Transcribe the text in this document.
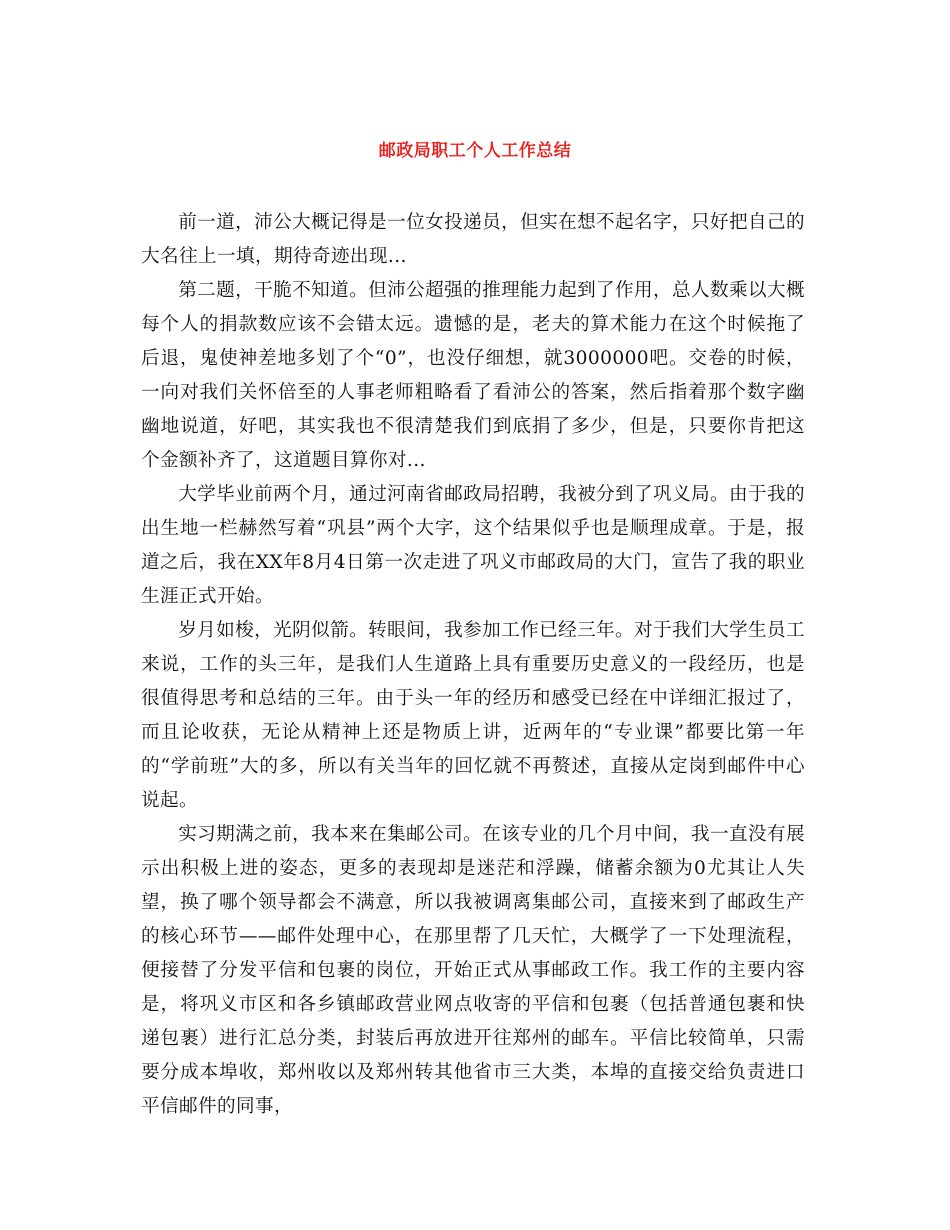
邮政局职工个人工作总结

前一道，沛公大概记得是一位女投递员，但实在想不起名字，只好把自己的大名往上一填，期待奇迹出现...

第二题，干脆不知道。但沛公超强的推理能力起到了作用，总人数乘以大概每个人的捐款数应该不会错太远。遗憾的是，老夫的算术能力在这个时候拖了后退，鬼使神差地多划了个“0”，也没仔细想，就3000000吧。交卷的时候，一向对我们关怀倍至的人事老师粗略看了看沛公的答案，然后指着那个数字幽幽地说道，好吧，其实我也不很清楚我们到底捐了多少，但是，只要你肯把这个金额补齐了，这道题目算你对...

大学毕业前两个月，通过河南省邮政局招聘，我被分到了巩义局。由于我的出生地一栏赫然写着“巩县”两个大字，这个结果似乎也是顺理成章。于是，报道之后，我在XX年8月4日第一次走进了巩义市邮政局的大门，宣告了我的职业生涯正式开始。

岁月如梭，光阴似箭。转眼间，我参加工作已经三年。对于我们大学生员工来说，工作的头三年，是我们人生道路上具有重要历史意义的一段经历，也是很值得思考和总结的三年。由于头一年的经历和感受已经在中详细汇报过了，而且论收获，无论从精神上还是物质上讲，近两年的“专业课”都要比第一年的“学前班”大的多，所以有关当年的回忆就不再赘述，直接从定岗到邮件中心说起。

实习期满之前，我本来在集邮公司。在该专业的几个月中间，我一直没有展示出积极上进的姿态，更多的表现却是迷茫和浮躁，储蓄余额为0尤其让人失望，换了哪个领导都会不满意，所以我被调离集邮公司，直接来到了邮政生产的核心环节——邮件处理中心，在那里帮了几天忙，大概学了一下处理流程，便接替了分发平信和包裹的岗位，开始正式从事邮政工作。我工作的主要内容是，将巩义市区和各乡镇邮政营业网点收寄的平信和包裹（包括普通包裹和快递包裹）进行汇总分类，封装后再放进开往郑州的邮车。平信比较简单，只需要分成本埠收，郑州收以及郑州转其他省市三大类，本埠的直接交给负责进口平信邮件的同事，
